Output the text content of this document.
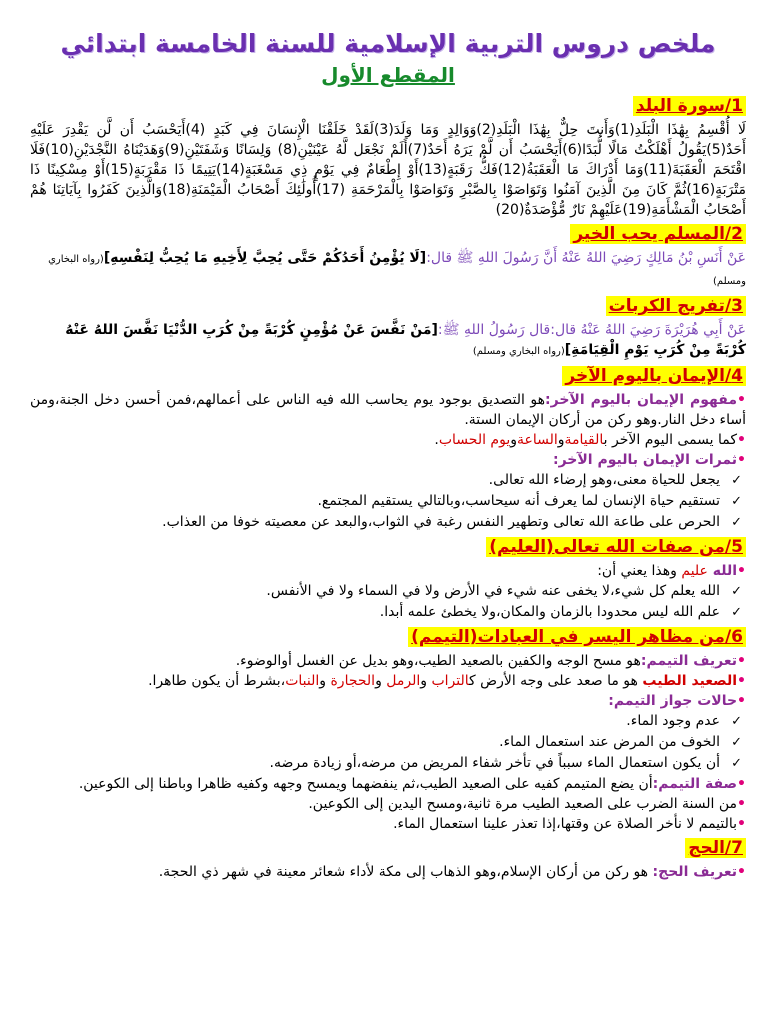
ملخص دروس التربية الإسلامية للسنة الخامسة ابتدائي
المقطع الأول
1/سورة البلد

لَا أُقْسِمُ بِهَٰذَا الْبَلَدِ(1)وَأَنتَ حِلٌّ بِهَٰذَا الْبَلَدِ(2)وَوَالِدٍ وَمَا وَلَدَ(3)لَقَدْ خَلَقْنَا الْإِنسَانَ فِي كَبَدٍ (4)أَيَحْسَبُ أَن لَّن يَقْدِرَ عَلَيْهِ أَحَدٌ(5)يَقُولُ أَهْلَكْتُ مَالًا لُّبَدًا(6)أَيَحْسَبُ أَن لَّمْ يَرَهُ أَحَدٌ(7)أَلَمْ نَجْعَل لَّهُ عَيْنَيْنِ(8) وَلِسَانًا وَشَفَتَيْنِ(9)وَهَدَيْنَاهُ النَّجْدَيْنِ(10)فَلَا اقْتَحَمَ الْعَقَبَةَ(11)وَمَا أَدْرَاكَ مَا الْعَقَبَةُ(12)فَكُّ رَقَبَةٍ(13)أَوْ إِطْعَامٌ فِي يَوْمٍ ذِي مَسْغَبَةٍ(14)يَتِيمًا ذَا مَقْرَبَةٍ(15)أَوْ مِسْكِينًا ذَا مَتْرَبَةٍ(16)ثُمَّ كَانَ مِنَ الَّذِينَ آمَنُوا وَتَوَاصَوْا بِالصَّبْرِ وَتَوَاصَوْا بِالْمَرْحَمَةِ (17)أُولَٰئِكَ أَصْحَابُ الْمَيْمَنَةِ(18)وَالَّذِينَ كَفَرُوا بِآيَاتِنَا هُمْ أَصْحَابُ الْمَشْأَمَةِ(19)عَلَيْهِمْ نَارٌ مُّؤْصَدَةٌ(20)

2/المسلم يحب الخير

عَنْ أَنَسِ بْنُ مَالِكٍ رَضِيَ اللهُ عَنْهُ أَنَّ رَسُولَ اللهِ ﷺ قال:[لَا يُؤْمِنُ أَحَدُكُمْ حَتَّى يُحِبَّ لِأَخِيهِ مَا يُحِبُّ لِنَفْسِهِ](رواه البخاري ومسلم)

3/تفريج الكربات

عَنْ أَبِي هُرَيْرَةَ رَضِيَ اللهُ عَنْهُ قال:قال رَسُولُ اللهِ ﷺ:[مَنْ نَفَّسَ عَنْ مُؤْمِنٍ كُرْبَةً مِنْ كُرَبِ الدُّنْيَا نَفَّسَ اللهُ عَنْهُ كُرْبَةً مِنْ كُرَبِ يَوْمِ الْقِيَامَةِ](رواه البخاري ومسلم)

4/الإيمان باليوم الآخر

•مفهوم الإيمان باليوم الآخر:هو التصديق بوجود يوم يحاسب الله فيه الناس على أعمالهم،فمن أحسن دخل الجنة،ومن أساء دخل النار.وهو ركن من أركان الإيمان الستة.

•كما يسمى اليوم الآخر بالقيامةوالساعةويوم الحساب.

•ثمرات الإيمان باليوم الآخر:

✓ يجعل للحياة معنى،وهو إرضاء الله تعالى.
✓ تستقيم حياة الإنسان لما يعرف أنه سيحاسب،وبالتالي يستقيم المجتمع.
✓ الحرص على طاعة الله تعالى وتطهير النفس رغبة في الثواب،والبعد عن معصيته خوفا من العذاب.
5/من صفات الله تعالى(العليم)

•الله عليم وهذا يعني أن:

✓ الله يعلم كل شيء،لا يخفى عنه شيء في الأرض ولا في السماء ولا في الأنفس.
✓ علم الله ليس محدودا بالزمان والمكان،ولا يخطئ علمه أبدا.
6/من مظاهر اليسر في العبادات(التيمم)

•تعريف التيمم:هو مسح الوجه والكفين بالصعيد الطيب،وهو بديل عن الغسل أوالوضوء.

•الصعيد الطيب هو ما صعد على وجه الأرض كالتراب والرمل والحجارة والنبات،بشرط أن يكون طاهرا.

•حالات جواز التيمم:

✓ عدم وجود الماء.
✓ الخوف من المرض عند استعمال الماء.
✓ أن يكون استعمال الماء سبباً في تأخر شفاء المريض من مرضه،أو زيادة مرضه.

•صفة التيمم:أن يضع المتيمم كفيه على الصعيد الطيب،ثم ينفضهما ويمسح وجهه وكفيه ظاهرا وباطنا إلى الكوعين.

•من السنة الضرب على الصعيد الطيب مرة ثانية،ومسح اليدين إلى الكوعين.

•بالتيمم لا نأخر الصلاة عن وقتها،إذا تعذر علينا استعمال الماء.

7/الحج

•تعريف الحج: هو ركن من أركان الإسلام،وهو الذهاب إلى مكة لأداء شعائر معينة في شهر ذي الحجة.
